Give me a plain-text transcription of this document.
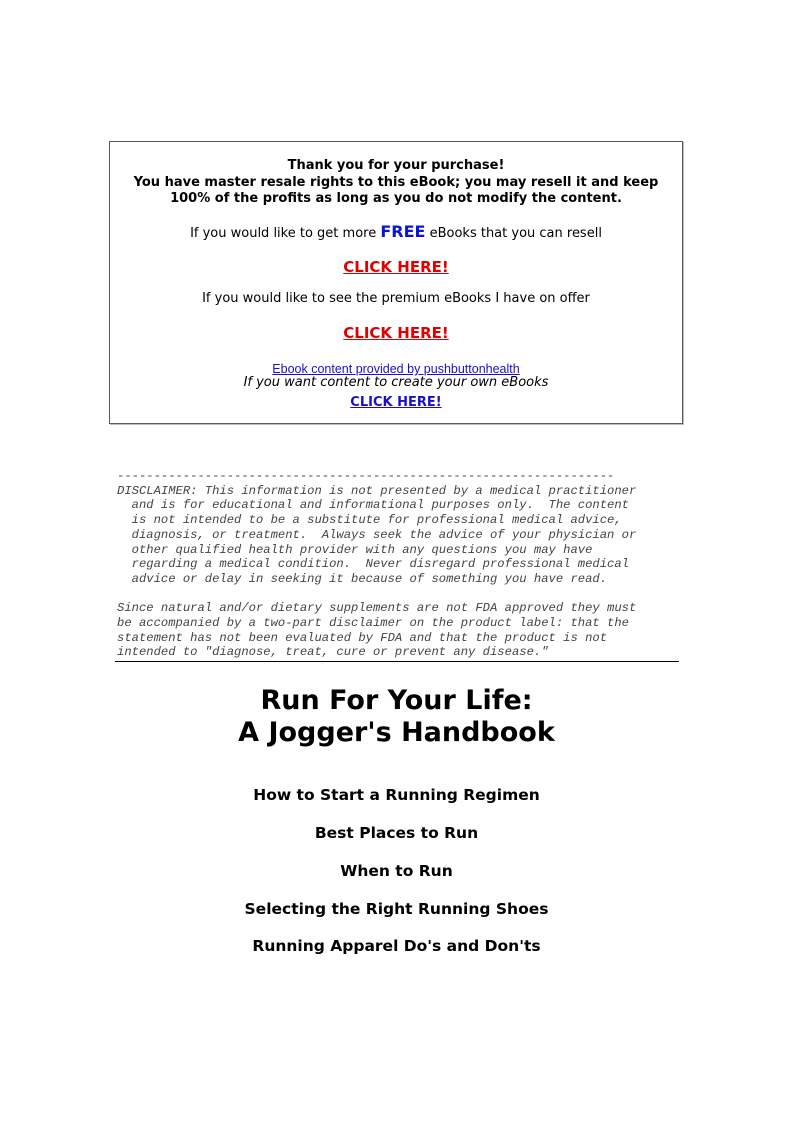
Thank you for your purchase!
You have master resale rights to this eBook; you may resell it and keep
100% of the profits as long as you do not modify the content.
If you would like to get more FREE eBooks that you can resell
CLICK HERE!
If you would like to see the premium eBooks I have on offer
CLICK HERE!
Ebook content provided by pushbuttonhealth
If you want content to create your own eBooks
CLICK HERE!
--------------------------------------------------------------------
DISCLAIMER: This information is not presented by a medical practitioner
and is for educational and informational purposes only.  The content
is not intended to be a substitute for professional medical advice,
diagnosis, or treatment.  Always seek the advice of your physician or
other qualified health provider with any questions you may have
regarding a medical condition.  Never disregard professional medical
advice or delay in seeking it because of something you have read.
Since natural and/or dietary supplements are not FDA approved they must
be accompanied by a two-part disclaimer on the product label: that the
statement has not been evaluated by FDA and that the product is not
intended to "diagnose, treat, cure or prevent any disease."
Run For Your Life:
A Jogger's Handbook
How to Start a Running Regimen
Best Places to Run
When to Run
Selecting the Right Running Shoes
Running Apparel Do's and Don'ts
